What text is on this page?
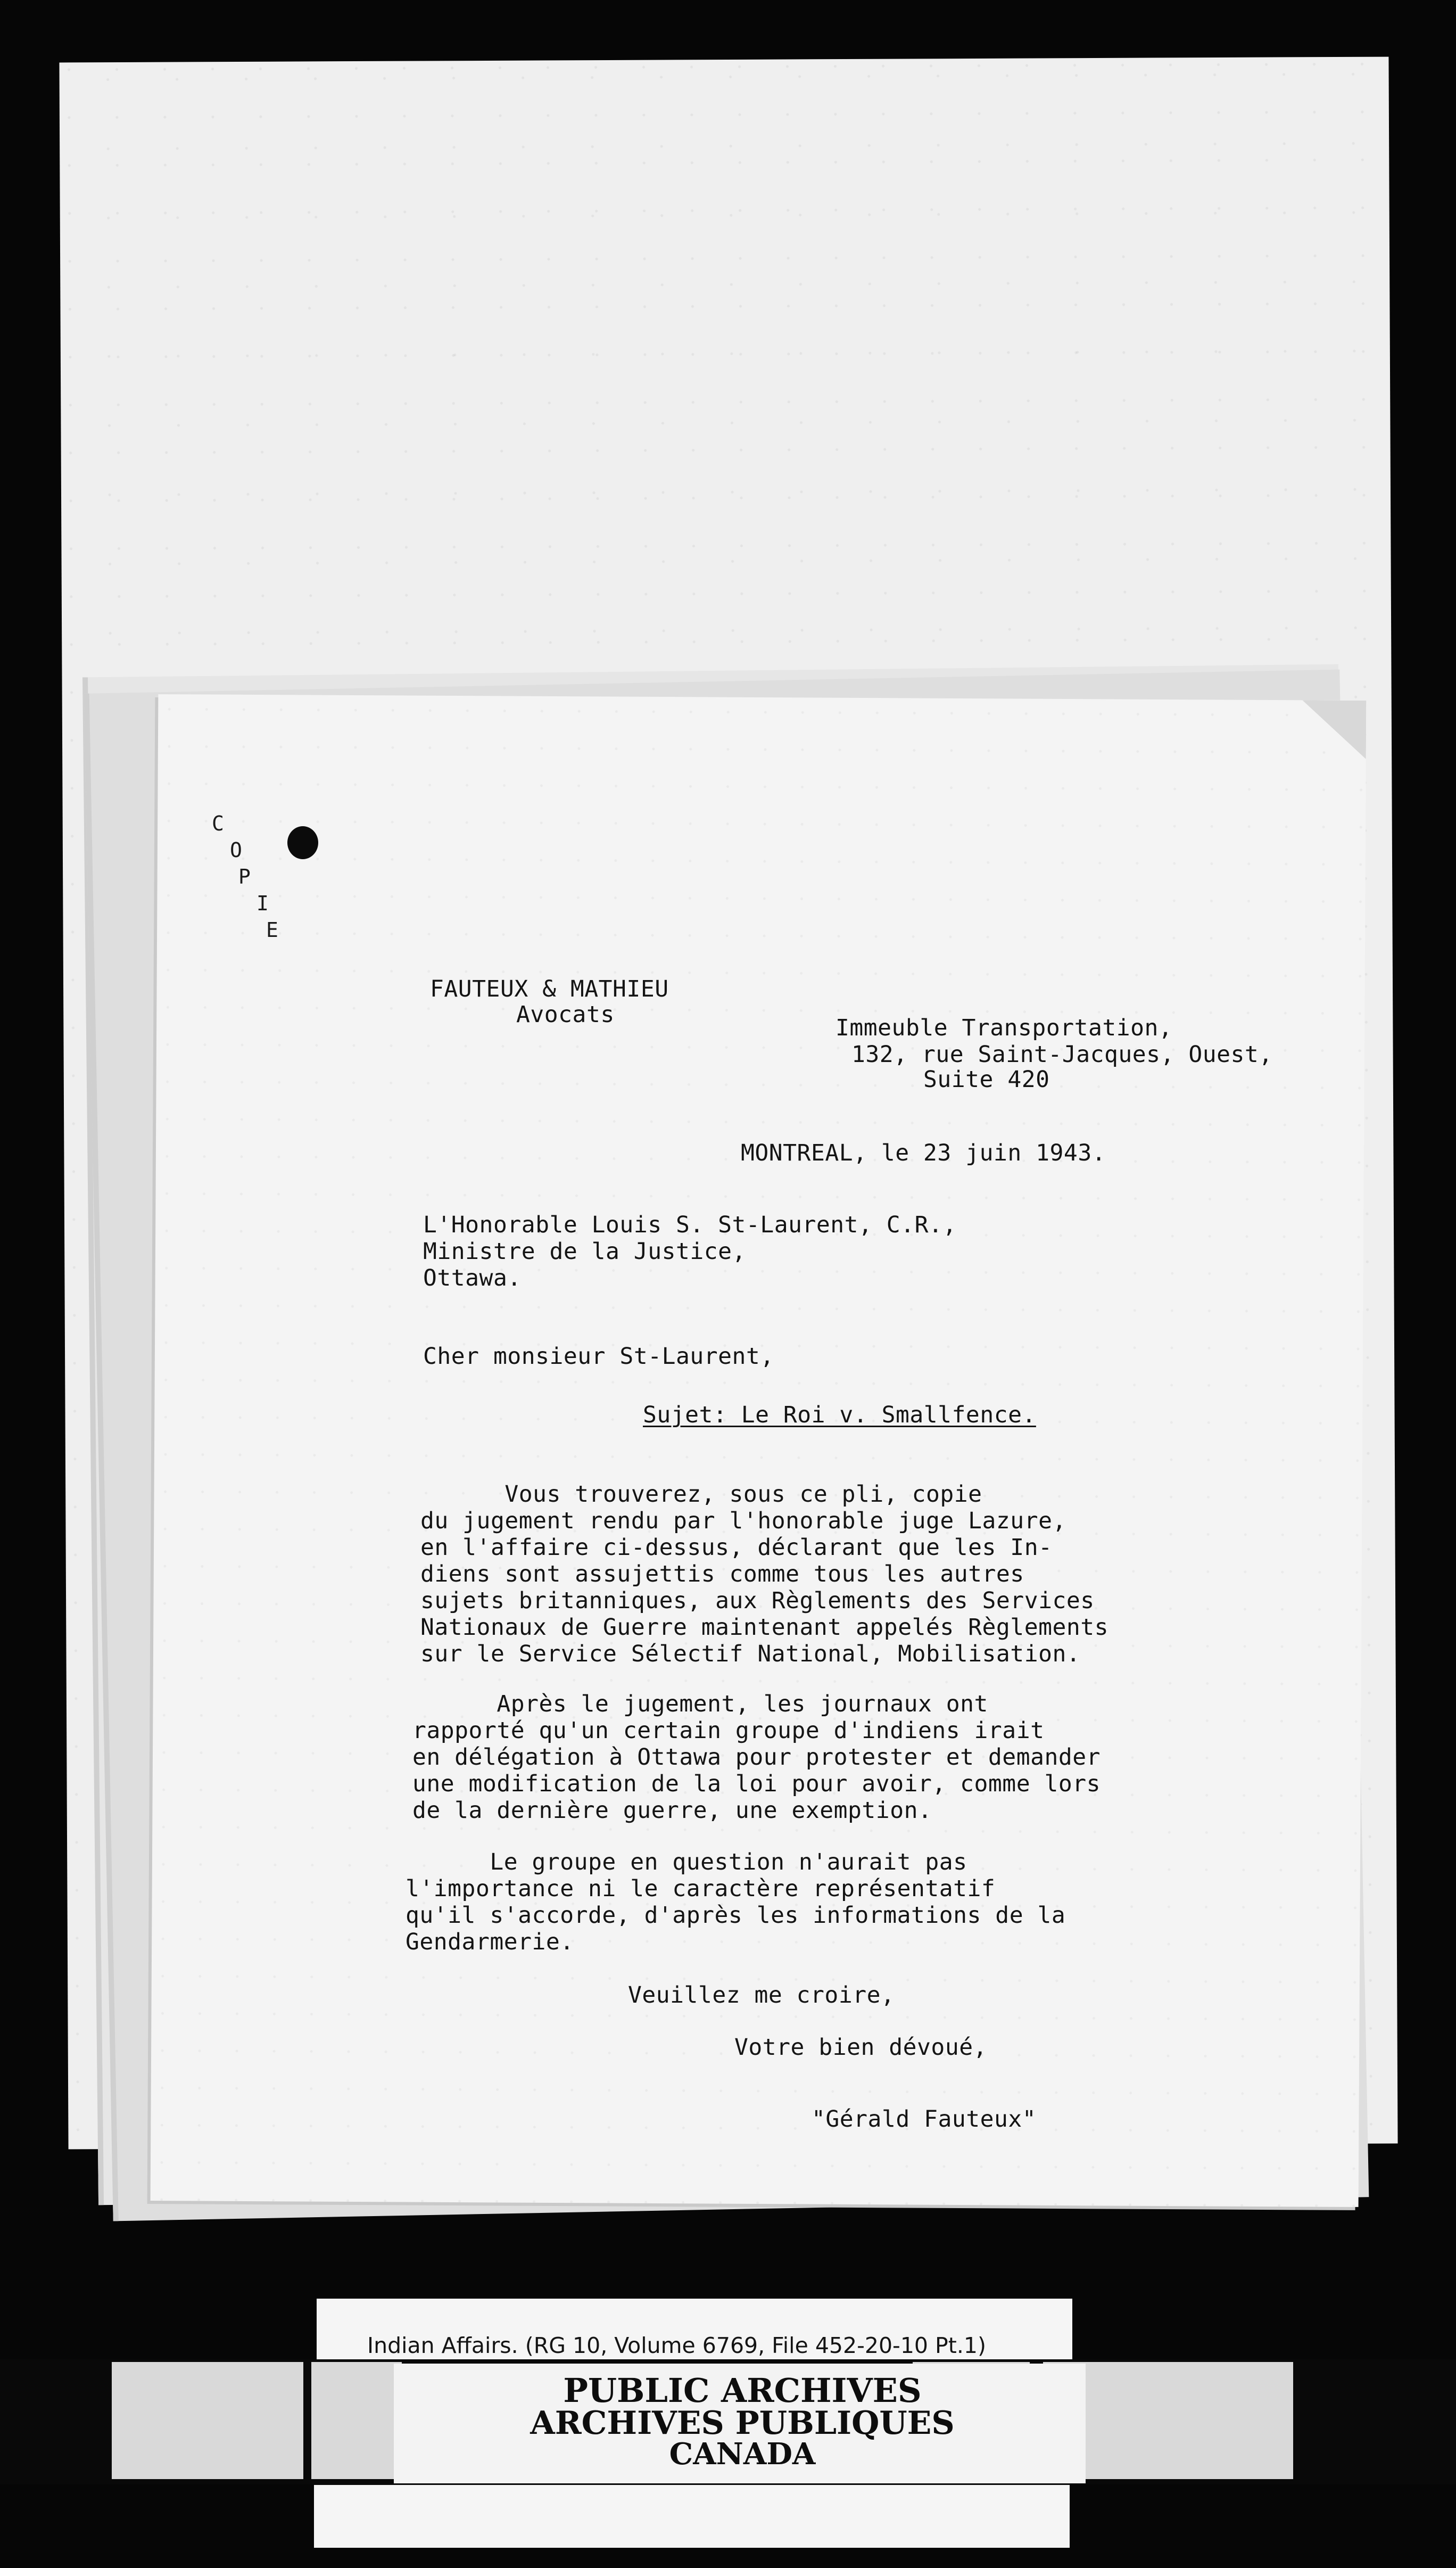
C
O
P
I
E
FAUTEUX & MATHIEU
Avocats	Immeuble Transportation,
132, rue Saint-Jacques, Ouest,
Suite 420
MONTREAL, le 23 juin 1943.
L'Honorable Louis S. St-Laurent, C.R.,
Ministre de la Justice,
Ottawa.
Cher monsieur St-Laurent,
Sujet: Le Roi v. Smallfence.
Vous trouverez, sous ce pli, copie
du jugement rendu par l'honorable juge Lazure,
en l'affaire ci-dessus, déclarant que les In-
diens sont assujettis comme tous les autres
sujets britanniques, aux Règlements des Services
Nationaux de Guerre maintenant appelés Règlements
sur le Service Sélectif National, Mobilisation.
Après le jugement, les journaux ont
rapporté qu'un certain groupe d'indiens irait
en délégation à Ottawa pour protester et demander
une modification de la loi pour avoir, comme lors
de la dernière guerre, une exemption.
Le groupe en question n'aurait pas
l'importance ni le caractère représentatif
qu'il s'accorde, d'après les informations de la
Gendarmerie.
Veuillez me croire,
Votre bien dévoué,
"Gérald Fauteux"
Indian Affairs. (RG 10, Volume 6769, File 452-20-10 Pt.1)
PUBLIC ARCHIVES
ARCHIVES PUBLIQUES
CANADA
